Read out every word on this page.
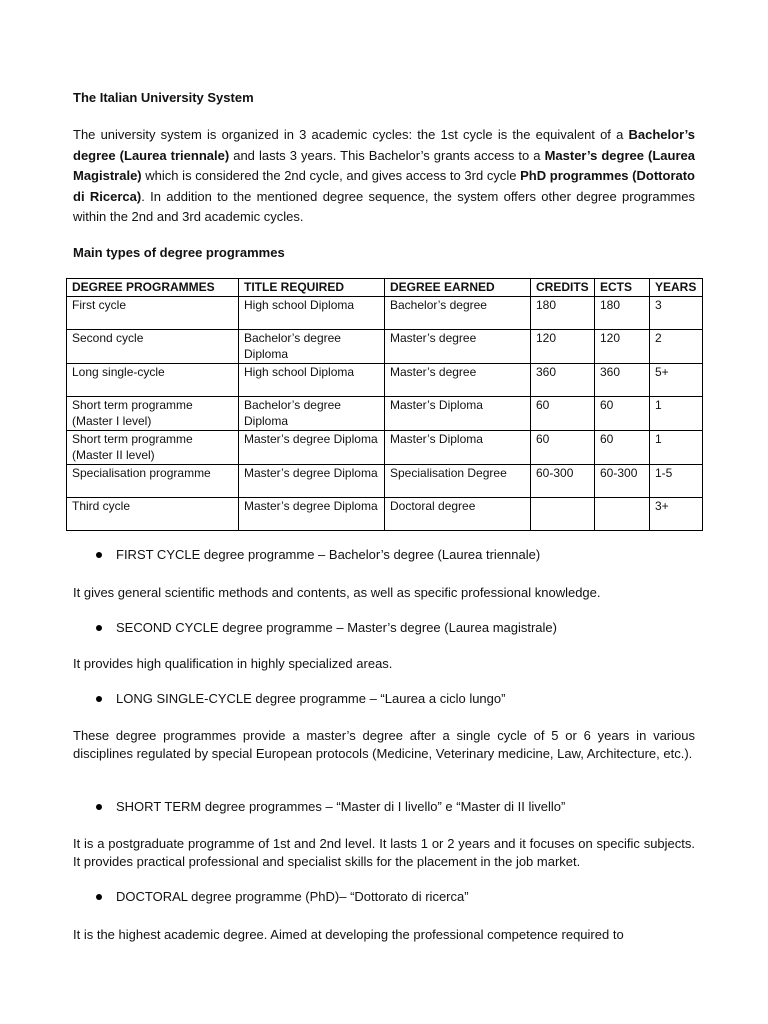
The Italian University System
The university system is organized in 3 academic cycles: the 1st cycle is the equivalent of a Bachelor’s degree (Laurea triennale) and lasts 3 years. This Bachelor’s grants access to a Master’s degree (Laurea Magistrale) which is considered the 2nd cycle, and gives access to 3rd cycle PhD programmes (Dottorato di Ricerca). In addition to the mentioned degree sequence, the system offers other degree programmes within the 2nd and 3rd academic cycles.
Main types of degree programmes
DEGREE PROGRAMMES	TITLE REQUIRED	DEGREE EARNED	CREDITS	ECTS	YEARS
First cycle	High school Diploma	Bachelor’s degree	180	180	3
Second cycle	Bachelor’s degree Diploma	Master’s degree	120	120	2
Long single-cycle	High school Diploma	Master’s degree	360	360	5+
Short term programme (Master I level)	Bachelor’s degree Diploma	Master’s Diploma	60	60	1
Short term programme (Master II level)	Master’s degree Diploma	Master’s Diploma	60	60	1
Specialisation programme	Master’s degree Diploma	Specialisation Degree	60-300	60-300	1-5
Third cycle	Master’s degree Diploma	Doctoral degree			3+
FIRST CYCLE degree programme – Bachelor’s degree (Laurea triennale)
It gives general scientific methods and contents, as well as specific professional knowledge.
SECOND CYCLE degree programme – Master’s degree (Laurea magistrale)
It provides high qualification in highly specialized areas.
LONG SINGLE-CYCLE degree programme – “Laurea a ciclo lungo”
These degree programmes provide a master’s degree after a single cycle of 5 or 6 years in various disciplines regulated by special European protocols (Medicine, Veterinary medicine, Law, Architecture, etc.).
SHORT TERM degree programmes – “Master di I livello” e “Master di II livello”
It is a postgraduate programme of 1st and 2nd level. It lasts 1 or 2 years and it focuses on specific subjects. It provides practical professional and specialist skills for the placement in the job market.
DOCTORAL degree programme (PhD)– “Dottorato di ricerca”
It is the highest academic degree. Aimed at developing the professional competence required to
